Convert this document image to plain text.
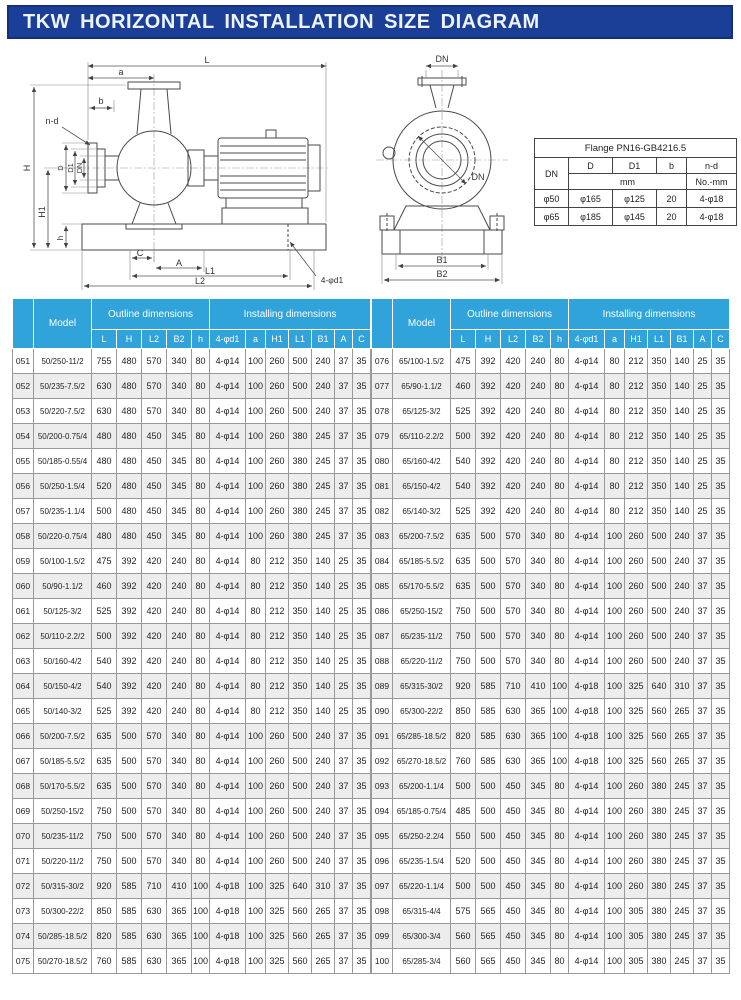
TKW HORIZONTAL INSTALLATION SIZE DIAGRAM
L
a
b
n-d
H	D D1 DN
H1
h
C
A
L1
L2	4-φd1
DN
DN
B1
B2
Flange PN16-GB4216.5				
DN	D	D1	b	n-d
	mm			No.-mm
φ50	φ165	φ125	20	4-φ18
φ65	φ185	φ145	20	4-φ18
	Model	Outline dimensions					Installing dimensions						
		L	H	L2	B2	h	4-φd1	a	H1	L1	B1	A	C
051	50/250-11/2	755	480	570	340	80	4-φ14	100	260	500	240	37	35
052	50/235-7.5/2	630	480	570	340	80	4-φ14	100	260	500	240	37	35
053	50/220-7.5/2	630	480	570	340	80	4-φ14	100	260	500	240	37	35
054	50/200-0.75/4	480	480	450	345	80	4-φ14	100	260	380	245	37	35
055	50/185-0.55/4	480	480	450	345	80	4-φ14	100	260	380	245	37	35
056	50/250-1.5/4	520	480	450	345	80	4-φ14	100	260	380	245	37	35
057	50/235-1.1/4	500	480	450	345	80	4-φ14	100	260	380	245	37	35
058	50/220-0.75/4	480	480	450	345	80	4-φ14	100	260	380	245	37	35
059	50/100-1.5/2	475	392	420	240	80	4-φ14	80	212	350	140	25	35
060	50/90-1.1/2	460	392	420	240	80	4-φ14	80	212	350	140	25	35
061	50/125-3/2	525	392	420	240	80	4-φ14	80	212	350	140	25	35
062	50/110-2.2/2	500	392	420	240	80	4-φ14	80	212	350	140	25	35
063	50/160-4/2	540	392	420	240	80	4-φ14	80	212	350	140	25	35
064	50/150-4/2	540	392	420	240	80	4-φ14	80	212	350	140	25	35
065	50/140-3/2	525	392	420	240	80	4-φ14	80	212	350	140	25	35
066	50/200-7.5/2	635	500	570	340	80	4-φ14	100	260	500	240	37	35
067	50/185-5.5/2	635	500	570	340	80	4-φ14	100	260	500	240	37	35
068	50/170-5.5/2	635	500	570	340	80	4-φ14	100	260	500	240	37	35
069	50/250-15/2	750	500	570	340	80	4-φ14	100	260	500	240	37	35
070	50/235-11/2	750	500	570	340	80	4-φ14	100	260	500	240	37	35
071	50/220-11/2	750	500	570	340	80	4-φ14	100	260	500	240	37	35
072	50/315-30/2	920	585	710	410	100	4-φ18	100	325	640	310	37	35
073	50/300-22/2	850	585	630	365	100	4-φ18	100	325	560	265	37	35
074	50/285-18.5/2	820	585	630	365	100	4-φ18	100	325	560	265	37	35
075	50/270-18.5/2	760	585	630	365	100	4-φ18	100	325	560	265	37	35
	Model	Outline dimensions					Installing dimensions						
		L	H	L2	B2	h	4-φd1	a	H1	L1	B1	A	C
076	65/100-1.5/2	475	392	420	240	80	4-φ14	80	212	350	140	25	35
077	65/90-1.1/2	460	392	420	240	80	4-φ14	80	212	350	140	25	35
078	65/125-3/2	525	392	420	240	80	4-φ14	80	212	350	140	25	35
079	65/110-2.2/2	500	392	420	240	80	4-φ14	80	212	350	140	25	35
080	65/160-4/2	540	392	420	240	80	4-φ14	80	212	350	140	25	35
081	65/150-4/2	540	392	420	240	80	4-φ14	80	212	350	140	25	35
082	65/140-3/2	525	392	420	240	80	4-φ14	80	212	350	140	25	35
083	65/200-7.5/2	635	500	570	340	80	4-φ14	100	260	500	240	37	35
084	65/185-5.5/2	635	500	570	340	80	4-φ14	100	260	500	240	37	35
085	65/170-5.5/2	635	500	570	340	80	4-φ14	100	260	500	240	37	35
086	65/250-15/2	750	500	570	340	80	4-φ14	100	260	500	240	37	35
087	65/235-11/2	750	500	570	340	80	4-φ14	100	260	500	240	37	35
088	65/220-11/2	750	500	570	340	80	4-φ14	100	260	500	240	37	35
089	65/315-30/2	920	585	710	410	100	4-φ18	100	325	640	310	37	35
090	65/300-22/2	850	585	630	365	100	4-φ18	100	325	560	265	37	35
091	65/285-18.5/2	820	585	630	365	100	4-φ18	100	325	560	265	37	35
092	65/270-18.5/2	760	585	630	365	100	4-φ18	100	325	560	265	37	35
093	65/200-1.1/4	500	500	450	345	80	4-φ14	100	260	380	245	37	35
094	65/185-0.75/4	485	500	450	345	80	4-φ14	100	260	380	245	37	35
095	65/250-2.2/4	550	500	450	345	80	4-φ14	100	260	380	245	37	35
096	65/235-1.5/4	520	500	450	345	80	4-φ14	100	260	380	245	37	35
097	65/220-1.1/4	500	500	450	345	80	4-φ14	100	260	380	245	37	35
098	65/315-4/4	575	565	450	345	80	4-φ14	100	305	380	245	37	35
099	65/300-3/4	560	565	450	345	80	4-φ14	100	305	380	245	37	35
100	65/285-3/4	560	565	450	345	80	4-φ14	100	305	380	245	37	35
